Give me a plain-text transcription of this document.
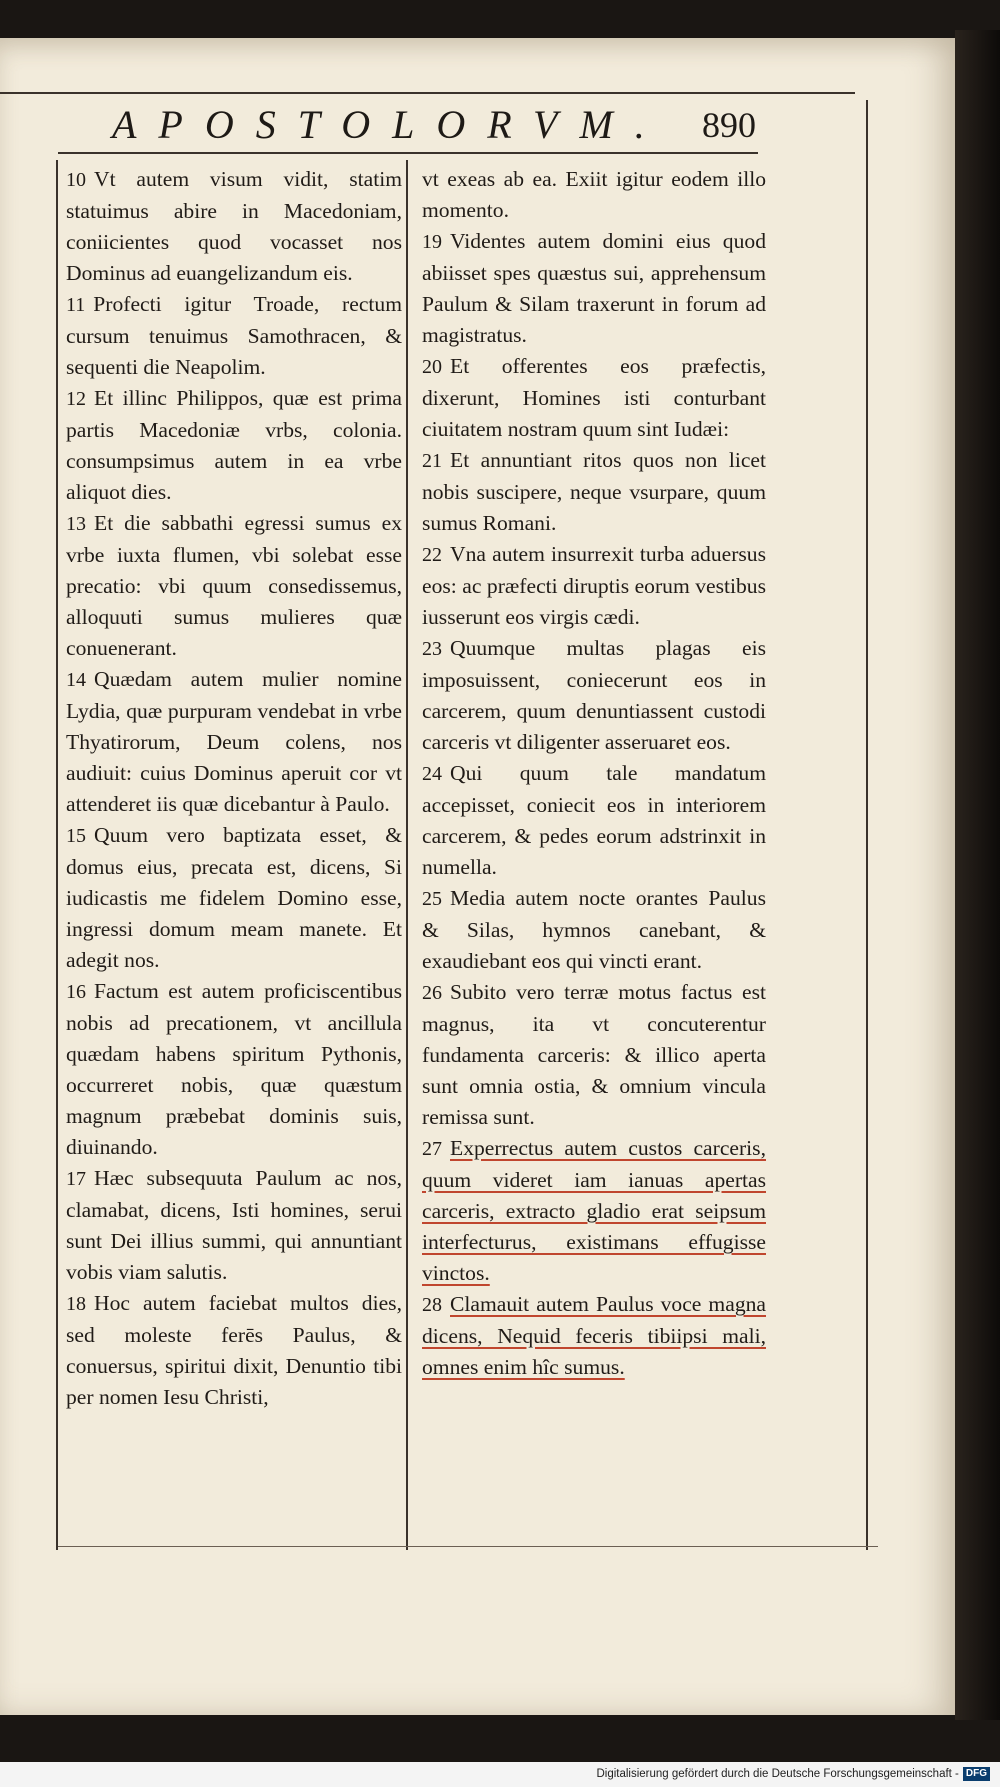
APOSTOLORVM. 890

10 Vt autem visum vidit, statim statuimus abire in Macedoniam, coniicientes quod vocasset nos Dominus ad euangelizandum eis.

11 Profecti igitur Troade, rectum cursum tenuimus Samothracen, & sequenti die Neapolim.

12 Et illinc Philippos, quæ est prima partis Macedoniæ vrbs, colonia. consumpsimus autem in ea vrbe aliquot dies.

13 Et die sabbathi egressi sumus ex vrbe iuxta flumen, vbi solebat esse precatio: vbi quum consedissemus, alloquuti sumus mulieres quæ conuenerant.

14 Quædam autem mulier nomine Lydia, quæ purpuram vendebat in vrbe Thyatirorum, Deum colens, nos audiuit: cuius Dominus aperuit cor vt attenderet iis quæ dicebantur à Paulo.

15 Quum vero baptizata esset, & domus eius, precata est, dicens, Si iudicastis me fidelem Domino esse, ingressi domum meam manete. Et adegit nos.

16 Factum est autem proficiscentibus nobis ad precationem, vt ancillula quædam habens spiritum Pythonis, occurreret nobis, quæ quæstum magnum præbebat dominis suis, diuinando.

17 Hæc subsequuta Paulum ac nos, clamabat, dicens, Isti homines, serui sunt Dei illius summi, qui annuntiant vobis viam salutis.

18 Hoc autem faciebat multos dies, sed moleste ferēs Paulus, & conuersus, spiritui dixit, Denuntio tibi per nomen Iesu Christi,

vt exeas ab ea. Exiit igitur eodem illo momento.

19 Videntes autem domini eius quod abiisset spes quæstus sui, apprehensum Paulum & Silam traxerunt in forum ad magistratus.

20 Et offerentes eos præfectis, dixerunt, Homines isti conturbant ciuitatem nostram quum sint Iudæi:

21 Et annuntiant ritos quos non licet nobis suscipere, neque vsurpare, quum sumus Romani.

22 Vna autem insurrexit turba aduersus eos: ac præfecti diruptis eorum vestibus iusserunt eos virgis cædi.

23 Quumque multas plagas eis imposuissent, coniecerunt eos in carcerem, quum denuntiassent custodi carceris vt diligenter asseruaret eos.

24 Qui quum tale mandatum accepisset, coniecit eos in interiorem carcerem, & pedes eorum adstrinxit in numella.

25 Media autem nocte orantes Paulus & Silas, hymnos canebant, & exaudiebant eos qui vincti erant.

26 Subito vero terræ motus factus est magnus, ita vt concuterentur fundamenta carceris: & illico aperta sunt omnia ostia, & omnium vincula remissa sunt.

27 Experrectus autem custos carceris, quum videret iam ianuas apertas carceris, extracto gladio erat seipsum interfecturus, existimans effugisse vinctos.

28 Clamauit autem Paulus voce magna dicens, Nequid feceris tibiipsi mali, omnes enim hîc sumus.

Digitalisierung gefördert durch die Deutsche Forschungsgemeinschaft - DFG
